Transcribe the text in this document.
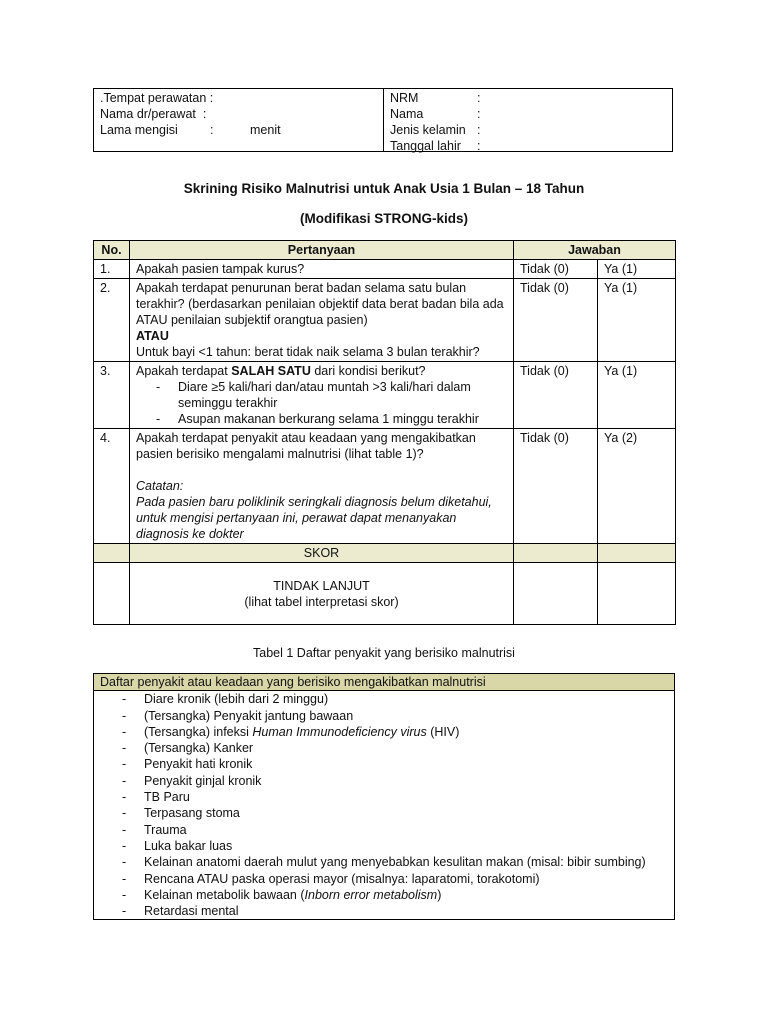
.Tempat perawatan :
Nama dr/perawat  :
Lama mengisi	:	menit
NRM	:
Nama	:
Jenis kelamin :
Tanggal lahir	:
Skrining Risiko Malnutrisi untuk Anak Usia 1 Bulan – 18 Tahun
(Modifikasi STRONG-kids)
No.	Pertanyaan	Jawaban	
1.	Apakah pasien tampak kurus?	Tidak (0)	Ya (1)
2.	Apakah terdapat penurunan berat badan selama satu bulan terakhir? (berdasarkan penilaian objektif data berat badan bila ada ATAU penilaian subjektif orangtua pasien)
ATAU
Untuk bayi <1 tahun: berat tidak naik selama 3 bulan terakhir?	Tidak (0)	Ya (1)
3.	Apakah terdapat SALAH SATU dari kondisi berikut?
- Diare ≥5 kali/hari dan/atau muntah >3 kali/hari dalam seminggu terakhir
- Asupan makanan berkurang selama 1 minggu terakhir	Tidak (0)	Ya (1)
4.	Apakah terdapat penyakit atau keadaan yang mengakibatkan pasien berisiko mengalami malnutrisi (lihat table 1)?
Catatan:
Pada pasien baru poliklinik seringkali diagnosis belum diketahui, untuk mengisi pertanyaan ini, perawat dapat menanyakan diagnosis ke dokter	Tidak (0)	Ya (2)
	SKOR		

	TINDAK LANJUT
(lihat tabel interpretasi skor)		

Tabel 1 Daftar penyakit yang berisiko malnutrisi
Daftar penyakit atau keadaan yang berisiko mengakibatkan malnutrisi

-	Diare kronik (lebih dari 2 minggu)
-	(Tersangka) Penyakit jantung bawaan
-	(Tersangka) infeksi Human Immunodeficiency virus (HIV)
-	(Tersangka) Kanker
-	Penyakit hati kronik
-	Penyakit ginjal kronik
-	TB Paru
-	Terpasang stoma
-	Trauma
-	Luka bakar luas
-	Kelainan anatomi daerah mulut yang menyebabkan kesulitan makan (misal: bibir sumbing)
-	Rencana ATAU paska operasi mayor (misalnya: laparatomi, torakotomi)
-	Kelainan metabolik bawaan (Inborn error metabolism)
-	Retardasi mental
